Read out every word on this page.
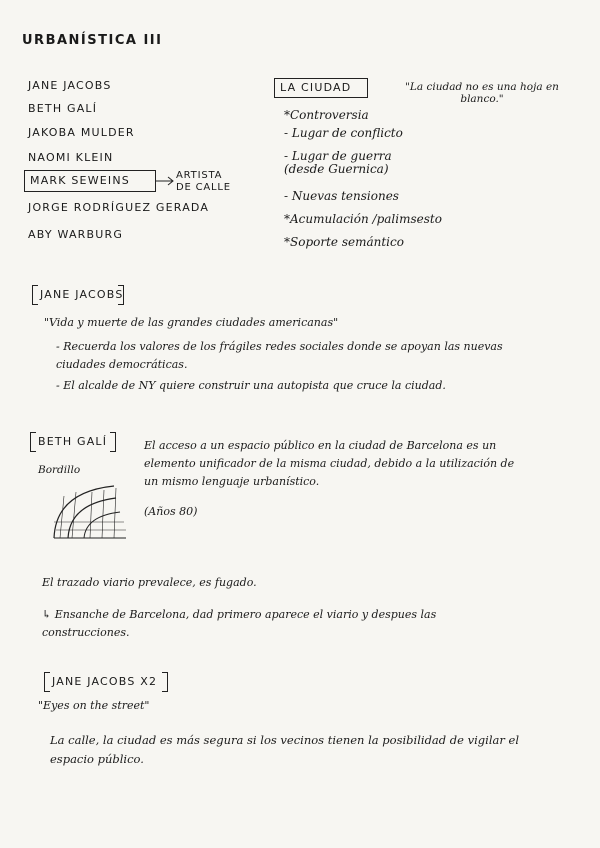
URBANÍSTICA III
JANE JACOBS
BETH GALÍ
JAKOBA MULDER
NAOMI KLEIN
MARK SEWEINS
JORGE RODRÍGUEZ GERADA
ABY WARBURG
ARTISTA DE CALLE
LA CIUDAD	"La ciudad no es una hoja en blanco."
*Controversia
- Lugar de conflicto
- Lugar de guerra (desde Guernica)
- Nuevas tensiones
*Acumulación /palimsesto
*Soporte semántico
JANE JACOBS
"Vida y muerte de las grandes ciudades americanas"
- Recuerda los valores de los frágiles redes sociales donde se apoyan las nuevas ciudades democráticas.
- El alcalde de NY quiere construir una autopista que cruce la ciudad.
BETH GALÍ
Bordillo
El acceso a un espacio público en la ciudad de Barcelona es un elemento unificador de la misma ciudad, debido a la utilización de un mismo lenguaje urbanístico.
(Años 80)
El trazado viario prevalece, es fugado.
↳ Ensanche de Barcelona, dad primero aparece el viario y despues las construcciones.
JANE JACOBS X2
"Eyes on the street"
La calle, la ciudad es más segura si los vecinos tienen la posibilidad de vigilar el espacio público.
